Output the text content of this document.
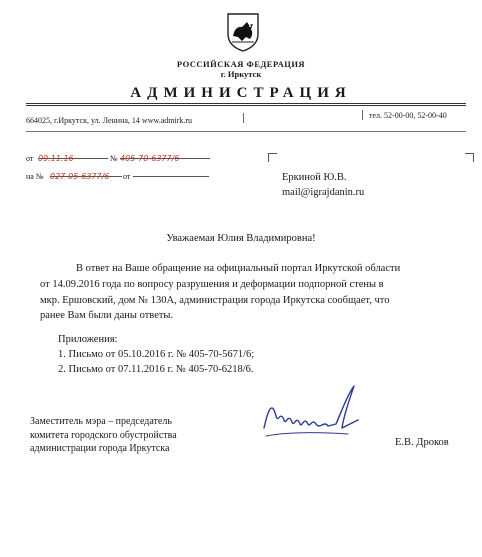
РОССИЙСКАЯ ФЕДЕРАЦИЯ
г. Иркутск
АДМИНИСТРАЦИЯ
664025, г.Иркутск, ул. Ленина, 14 www.admirk.ru
тел. 52-00-00, 52-00-40
от 09.11.16	№ 405-70-6377/6
на № 027-05-6377/6	от	Еркиной Ю.В.
mail@igrajdanin.ru
Уважаемая Юлия Владимировна!
В ответ на Ваше обращение на официальный портал Иркутской области
от 14.09.2016 года по вопросу разрушения и деформации подпорной стены в
мкр. Ершовский, дом № 130А, администрация города Иркутска сообщает, что
ранее Вам были даны ответы.
Приложения:
1. Письмо от 05.10.2016 г. № 405-70-5671/6;
2. Письмо от 07.11.2016 г. № 405-70-6218/6.
Заместитель мэра – председатель
комитета городского обустройства
администрации города Иркутска
Е.В. Дроков
